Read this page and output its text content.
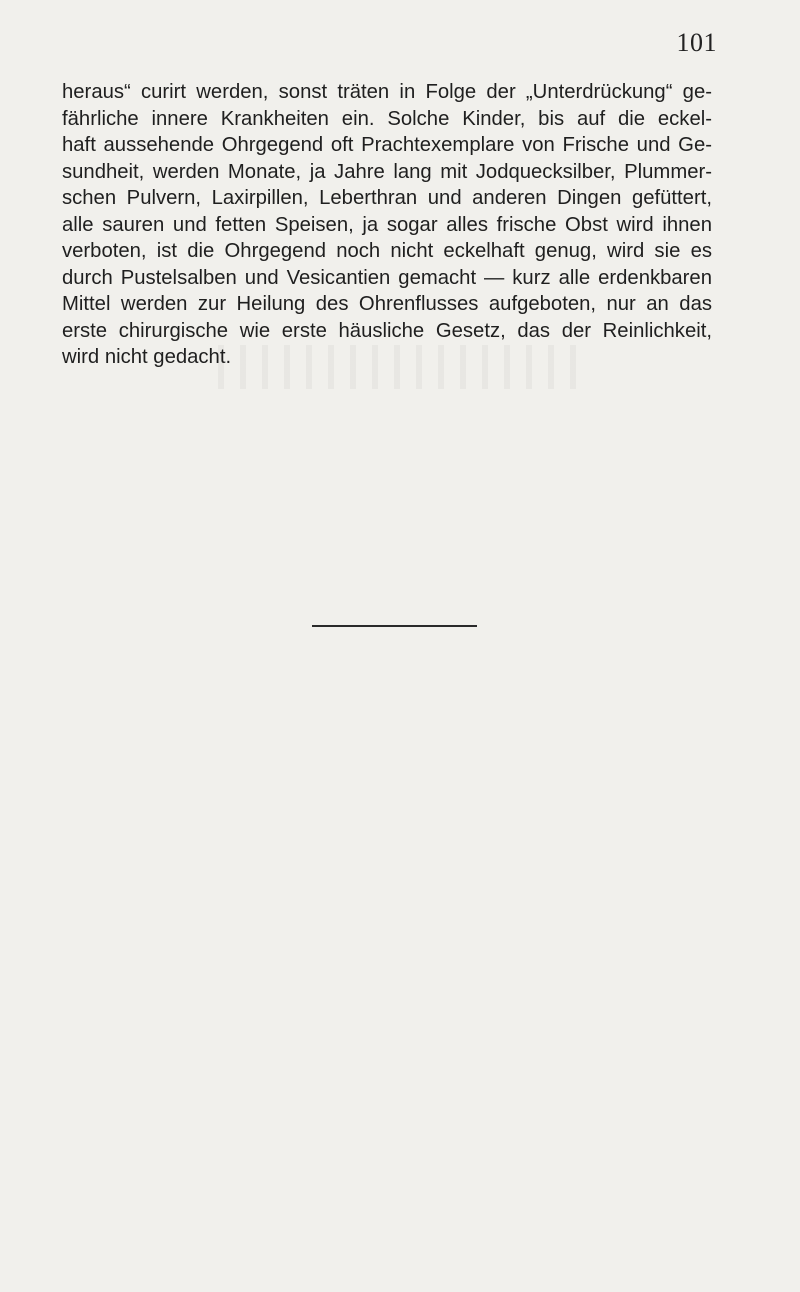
101
heraus“ curirt werden, sonst träten in Folge der „Unterdrückung“ ge-
fährliche innere Krankheiten ein. Solche Kinder, bis auf die eckel-
haft aussehende Ohrgegend oft Prachtexemplare von Frische und Ge-
sundheit, werden Monate, ja Jahre lang mit Jodquecksilber, Plummer-
schen Pulvern, Laxirpillen, Leberthran und anderen Dingen gefüttert,
alle sauren und fetten Speisen, ja sogar alles frische Obst wird ihnen
verboten, ist die Ohrgegend noch nicht eckelhaft genug, wird sie es
durch Pustelsalben und Vesicantien gemacht — kurz alle erdenkbaren
Mittel werden zur Heilung des Ohrenflusses aufgeboten, nur an das
erste chirurgische wie erste häusliche Gesetz, das der Reinlichkeit,
wird nicht gedacht.
